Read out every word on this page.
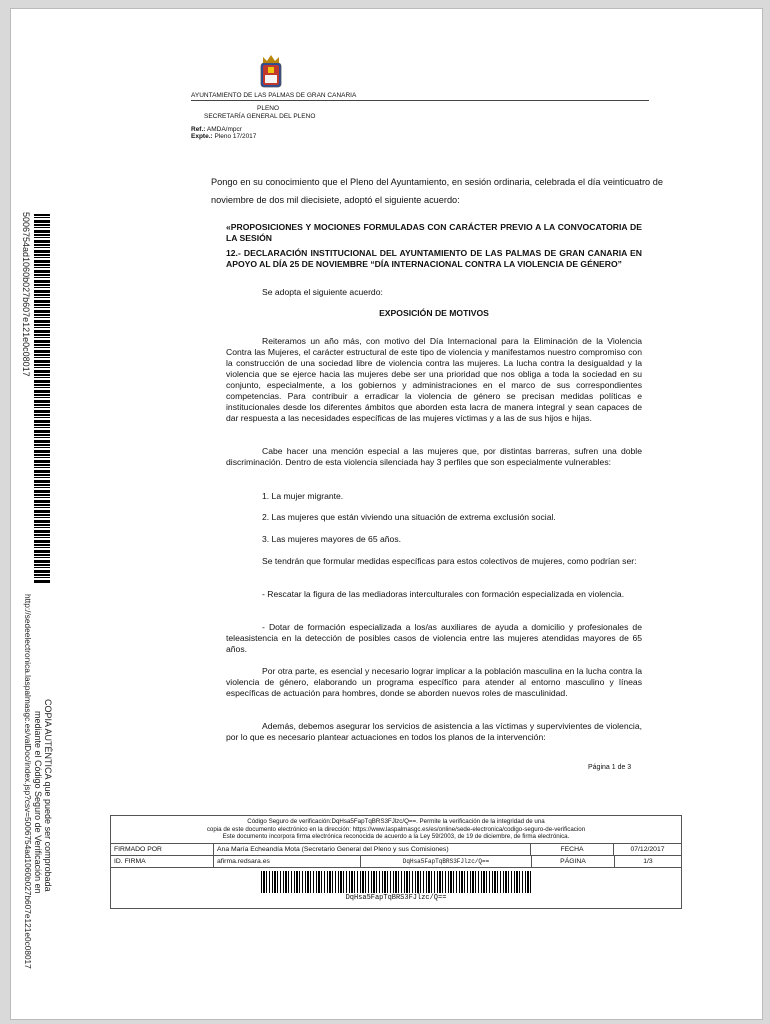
AYUNTAMIENTO DE LAS PALMAS DE GRAN CANARIA
PLENO
SECRETARÍA GENERAL DEL PLENO
Ref.: AMDA/mpcr
Expte.: Pleno 17/2017
Pongo en su conocimiento que el Pleno del Ayuntamiento, en sesión ordinaria, celebrada el día veinticuatro de noviembre de dos mil diecisiete, adoptó el siguiente acuerdo:
«PROPOSICIONES Y MOCIONES FORMULADAS CON CARÁCTER PREVIO A LA CONVOCATORIA DE LA SESIÓN
12.- DECLARACIÓN INSTITUCIONAL DEL AYUNTAMIENTO DE LAS PALMAS DE GRAN CANARIA EN APOYO AL DÍA 25 DE NOVIEMBRE “DÍA INTERNACIONAL CONTRA LA VIOLENCIA DE GÉNERO”
Se adopta el siguiente acuerdo:
EXPOSICIÓN DE MOTIVOS
Reiteramos un año más, con motivo del Día Internacional para la Eliminación de la Violencia Contra las Mujeres, el carácter estructural de este tipo de violencia y manifestamos nuestro compromiso con la construcción de una sociedad libre de violencia contra las mujeres. La lucha contra la desigualdad y la violencia que se ejerce hacia las mujeres debe ser una prioridad que nos obliga a toda la sociedad en su conjunto, especialmente, a los gobiernos y administraciones en el marco de sus correspondientes competencias. Para contribuir a erradicar la violencia de género se precisan medidas políticas e institucionales desde los diferentes ámbitos que aborden esta lacra de manera integral y sean capaces de dar respuesta a las necesidades específicas de las mujeres víctimas y a las de sus hijos e hijas.
Cabe hacer una mención especial a las mujeres que, por distintas barreras, sufren una doble discriminación. Dentro de esta violencia silenciada hay 3 perfiles que son especialmente vulnerables:
1. La mujer migrante.
2. Las mujeres que están viviendo una situación de extrema exclusión social.
3. Las mujeres mayores de 65 años.
Se tendrán que formular medidas específicas para estos colectivos de mujeres, como podrían ser:
- Rescatar la figura de las mediadoras interculturales con formación especializada en violencia.
- Dotar de formación especializada a los/as auxiliares de ayuda a domicilio y profesionales de teleasistencia en la detección de posibles casos de violencia entre las mujeres atendidas mayores de 65 años.
Por otra parte, es esencial y necesario lograr implicar a la población masculina en la lucha contra la violencia de género, elaborando un programa específico para atender al entorno masculino y líneas específicas de actuación para hombres, donde se aborden nuevos roles de masculinidad.
Además, debemos asegurar los servicios de asistencia a las víctimas y supervivientes de violencia, por lo que es necesario plantear actuaciones en todos los planos de la intervención:
Página 1 de 3
5006754ad1060b027b607e121e0c08017
http://sedeelectronica.laspalmasgc.es/valDoc/index.jsp?csv=5006754ad1060b027b607e121e0c08017 COPIA AUTÉNTICA que puede ser comprobada
mediante el Código Seguro de Verificación en	Código Seguro de verificación:DqHsa5FapTqBRS3FJlzc/Q==. Permite la verificación de la integridad de una
copia de este documento electrónico en la dirección: https://www.laspalmasgc.es/es/online/sede-electronica/codigo-seguro-de-verificacion
Este documento incorpora firma electrónica reconocida de acuerdo a la Ley 59/2003, de 19 de diciembre, de firma electrónica.
FIRMADO POR	Ana María Echeandía Mota (Secretario General del Pleno y sus Comisiones)	FECHA	07/12/2017
ID. FIRMA	afirma.redsara.es	DqHsa5FapTqBRS3FJlzc/Q==	PÁGINA	1/3
DqHsa5FapTqBRS3FJlzc/Q==
